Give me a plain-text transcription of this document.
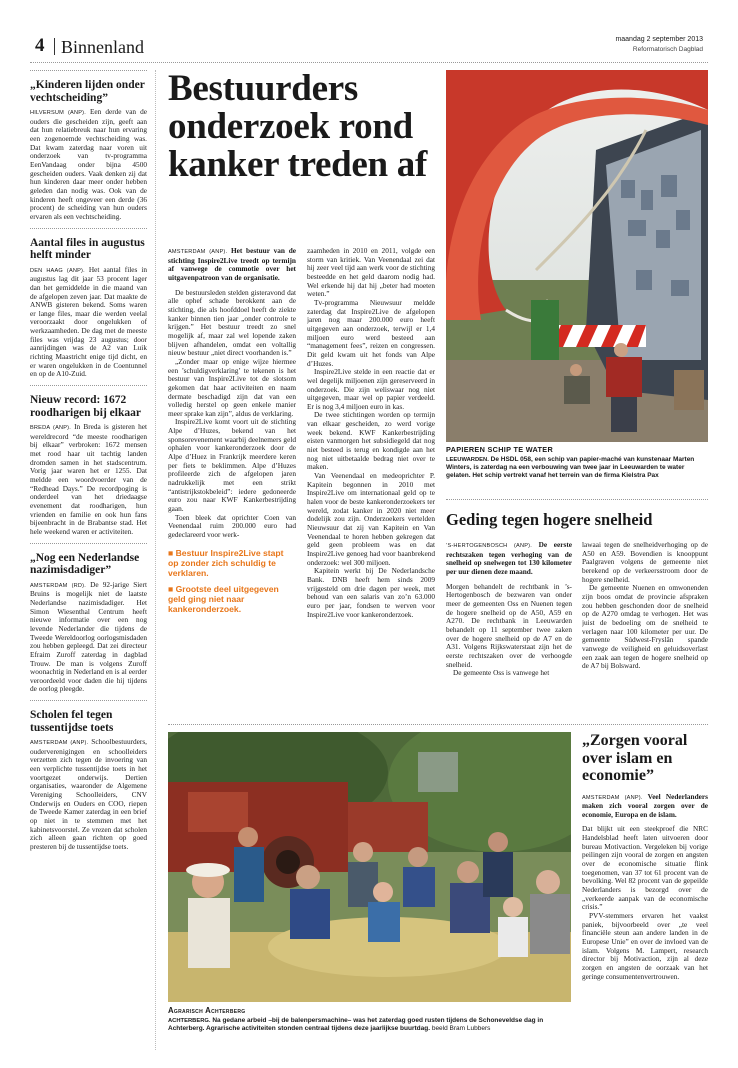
4 Binnenland	maandag 2 september 2013
Reformatorisch Dagblad
„Kinderen lijden onder vechtscheiding”
HILVERSUM (ANP). Een derde van de ouders die gescheiden zijn, geeft aan dat hun relatiebreuk naar hun ervaring een zogenoemde vechtscheiding was. Dat kwam zaterdag naar voren uit onderzoek van tv-programma EenVandaag onder bijna 4500 gescheiden ouders. Vaak denken zij dat hun kinderen daar meer onder hebben geleden dan nodig was. Ook van de kinderen heeft ongeveer een derde (36 procent) de scheiding van hun ouders ervaren als een vechtscheiding.
Aantal files in augustus helft minder
DEN HAAG (ANP). Het aantal files in augustus lag dit jaar 53 procent lager dan het gemiddelde in die maand van de afgelopen zeven jaar. Dat maakte de ANWB gisteren bekend. Soms waren er lange files, maar die werden veelal veroorzaakt door ongelukken of werkzaamheden. De dag met de meeste files was vrijdag 23 augustus; door aanrijdingen was de A2 van Luik richting Maastricht enige tijd dicht, en er waren ongelukken in de Coentunnel en op de A10-Zuid.
Nieuw record: 1672 roodharigen bij elkaar
BREDA (ANP). In Breda is gisteren het wereldrecord “de meeste roodharigen bij elkaar” verbroken: 1672 mensen met rood haar uit tachtig landen dromden samen in het stadscentrum. Vorig jaar waren het er 1255. Dat meldde een woordvoerder van de “Redhead Days.” De recordpoging is onderdeel van het driedaagse evenement dat roodharigen, hun vrienden en familie en ook hun fans bijeenbracht in de Brabantse stad. Het hele weekend waren er activiteiten.
„Nog een Nederlandse nazimisdadiger”
AMSTERDAM (RD). De 92-jarige Siert Bruins is mogelijk niet de laatste Nederlandse nazimisdadiger. Het Simon Wiesenthal Centrum heeft nieuwe informatie over een nog levende Nederlander die tijdens de Tweede Wereldoorlog oorlogsmisdaden zou hebben gepleegd. Dat zei directeur Efraim Zuroff zaterdag in dagblad Trouw. De man is volgens Zuroff woonachtig in Nederland en is al eerder veroordeeld voor daden die hij tijdens de oorlog pleegde.
Scholen fel tegen tussentijdse toets
AMSTERDAM (ANP). Schoolbestuurders, ouderverenigingen en schoolleiders verzetten zich tegen de invoering van een verplichte tussentijdse toets in het voortgezet onderwijs. Dertien organisaties, waaronder de Algemene Vereniging Schoolleiders, CNV Onderwijs en Ouders en COO, riepen de Tweede Kamer zaterdag in een brief op niet in te stemmen met het kabinetsvoorstel. Ze vrezen dat scholen zich alleen gaan richten op goed presteren bij de tussentijdse toets.
Bestuurders onderzoek rond kanker treden af
AMSTERDAM (ANP). Het bestuur van de stichting Inspire2Live treedt op termijn af vanwege de commotie over het uitgavenpatroon van de organisatie.
De bestuursleden stelden gisteravond dat alle ophef schade berokkent aan de stichting, die als hoofddoel heeft de ziekte kanker binnen tien jaar „onder controle te krijgen.” Het bestuur treedt zo snel mogelijk af, maar zal wel lopende zaken blijven afhandelen, omdat een voltallig nieuw bestuur „niet direct voorhanden is.”
„Zonder maar op enige wijze hiermee een ’schuldigverklaring’ te tekenen is het bestuur van Inspire2Live tot de slotsom gekomen dat haar activiteiten en naam dermate beschadigd zijn dat van een volledig herstel op geen enkele manier meer sprake kan zijn”, aldus de verklaring.
Inspire2Live komt voort uit de stichting Alpe d’Huzes, bekend van het sponsorevenement waarbij deelnemers geld ophalen voor kankeronderzoek door de Alpe d’Huez in Frankrijk meerdere keren per fiets te beklimmen. Alpe d’Huzes profileerde zich de afgelopen jaren nadrukkelijk met een strikt “antistrijkstokbeleid”: iedere gedoneerde euro zou naar KWF Kankerbestrijding gaan.
Toen bleek dat oprichter Coen van Veenendaal ruim 200.000 euro had gedeclareerd voor werk-
■ Bestuur Inspire2Live stapt op zonder zich schuldig te verklaren.
■ Grootste deel uitgegeven geld ging niet naar kankeronderzoek.
zaamheden in 2010 en 2011, volgde een storm van kritiek. Van Veenendaal zei dat hij zeer veel tijd aan werk voor de stichting besteedde en het geld daarom nodig had. Wel erkende hij dat hij „beter had moeten weten.”
Tv-programma Nieuwsuur meldde zaterdag dat Inspire2Live de afgelopen jaren nog maar 200.000 euro heeft uitgegeven aan onderzoek, terwijl er 1,4 miljoen euro werd besteed aan “management fees”, reizen en congressen. Dit geld kwam uit het fonds van Alpe d’Huzes.
Inspire2Live stelde in een reactie dat er wel degelijk miljoenen zijn gereserveerd in onderzoek. Die zijn weliswaar nog niet uitgegeven, maar wel op papier verdeeld. Er is nog 3,4 miljoen euro in kas.
De twee stichtingen worden op termijn van elkaar gescheiden, zo werd vorige week bekend. KWF Kankerbestrijding eisten vanmorgen het subsidiegeld dat nog niet besteed is terug en kondigde aan het nog niet uitbetaalde bedrag niet over te maken.
Van Veenendaal en medeoprichter P. Kapitein begonnen in 2010 met Inspire2Live om internationaal geld op te halen voor de beste kankeronderzoekers ter wereld, zodat kanker in 2020 niet meer dodelijk zou zijn. Onderzoekers vertelden Nieuwsuur dat zij van Kapitein en Van Veenendaal te horen hebben gekregen dat geld geen probleem was en dat Inspire2Live genoeg had voor baanbrekend onderzoek: wel 300 miljoen.
Kapitein werkt bij De Nederlandsche Bank. DNB heeft hem sinds 2009 vrijgesteld om drie dagen per week, met behoud van een salaris van zo’n 63.000 euro per jaar, fondsen te werven voor Inspire2Live voor kankeronderzoek.
PAPIEREN SCHIP TE WATER
LEEUWARDEN. De HSDL 058, een schip van papier-maché van kunstenaar Marten Winters, is zaterdag na een verbouwing van twee jaar in Leeuwarden te water gelaten. Het schip vertrekt vanaf het terrein van de firma Kielstra Pax
Geding tegen hogere snelheid
’S-HERTOGENBOSCH (ANP). De eerste rechtszaken tegen verhoging van de snelheid op snelwegen tot 130 kilometer per uur dienen deze maand.
Morgen behandelt de rechtbank in ’s-Hertogenbosch de bezwaren van onder meer de gemeenten Oss en Nuenen tegen de hogere snelheid op de A50, A59 en A270. De rechtbank in Leeuwarden behandelt op 11 september twee zaken over de hogere snelheid op de A7 en de A31. Volgens Rijkswaterstaat zijn het de eerste rechtszaken over de verhoogde snelheid.
De gemeente Oss is vanwege het
lawaai tegen de snelheidverhoging op de A50 en A59. Bovendien is knooppunt Paalgraven volgens de gemeente niet berekend op de verkeersstroom door de hogere snelheid.
De gemeente Nuenen en omwonenden zijn boos omdat de provincie afspraken zou hebben geschonden door de snelheid op de A270 omdag te verhogen. Het was juist de bedoeling om de snelheid te verlagen naar 100 kilometer per uur. De gemeente Súdwest-Fryslân spande vanwege de veiligheid en geluidsoverlast een zaak aan tegen de hogere snelheid op de A7 bij Bolsward.
Agrarisch Achterberg
ACHTERBERG. Na gedane arbeid –bij de balenpersmachine– was het zaterdag goed rusten tijdens de Schoneveldse dag in Achterberg. Agrarische activiteiten stonden centraal tijdens deze jaarlijkse buurtdag. beeld Bram Lubbers
„Zorgen vooral over islam en economie”
AMSTERDAM (ANP). Veel Nederlanders maken zich vooral zorgen over de economie, Europa en de islam.
Dat blijkt uit een steekproef die NRC Handelsblad heeft laten uitvoeren door bureau Motivaction. Vergeleken bij vorige peilingen zijn vooral de zorgen en angsten over de economische situatie flink toegenomen, van 37 tot 61 procent van de bevolking. Wel 82 procent van de gepeilde Nederlanders is bezorgd over de „verkeerde aanpak van de economische crisis.”
PVV-stemmers ervaren het vaakst paniek, bijvoorbeeld over „te veel financiële steun aan andere landen in de Europese Unie” en over de invloed van de islam. Volgens M. Lampert, research director bij Motivaction, zijn al deze zorgen en angsten de oorzaak van het geringe consumentenvertrouwen.
